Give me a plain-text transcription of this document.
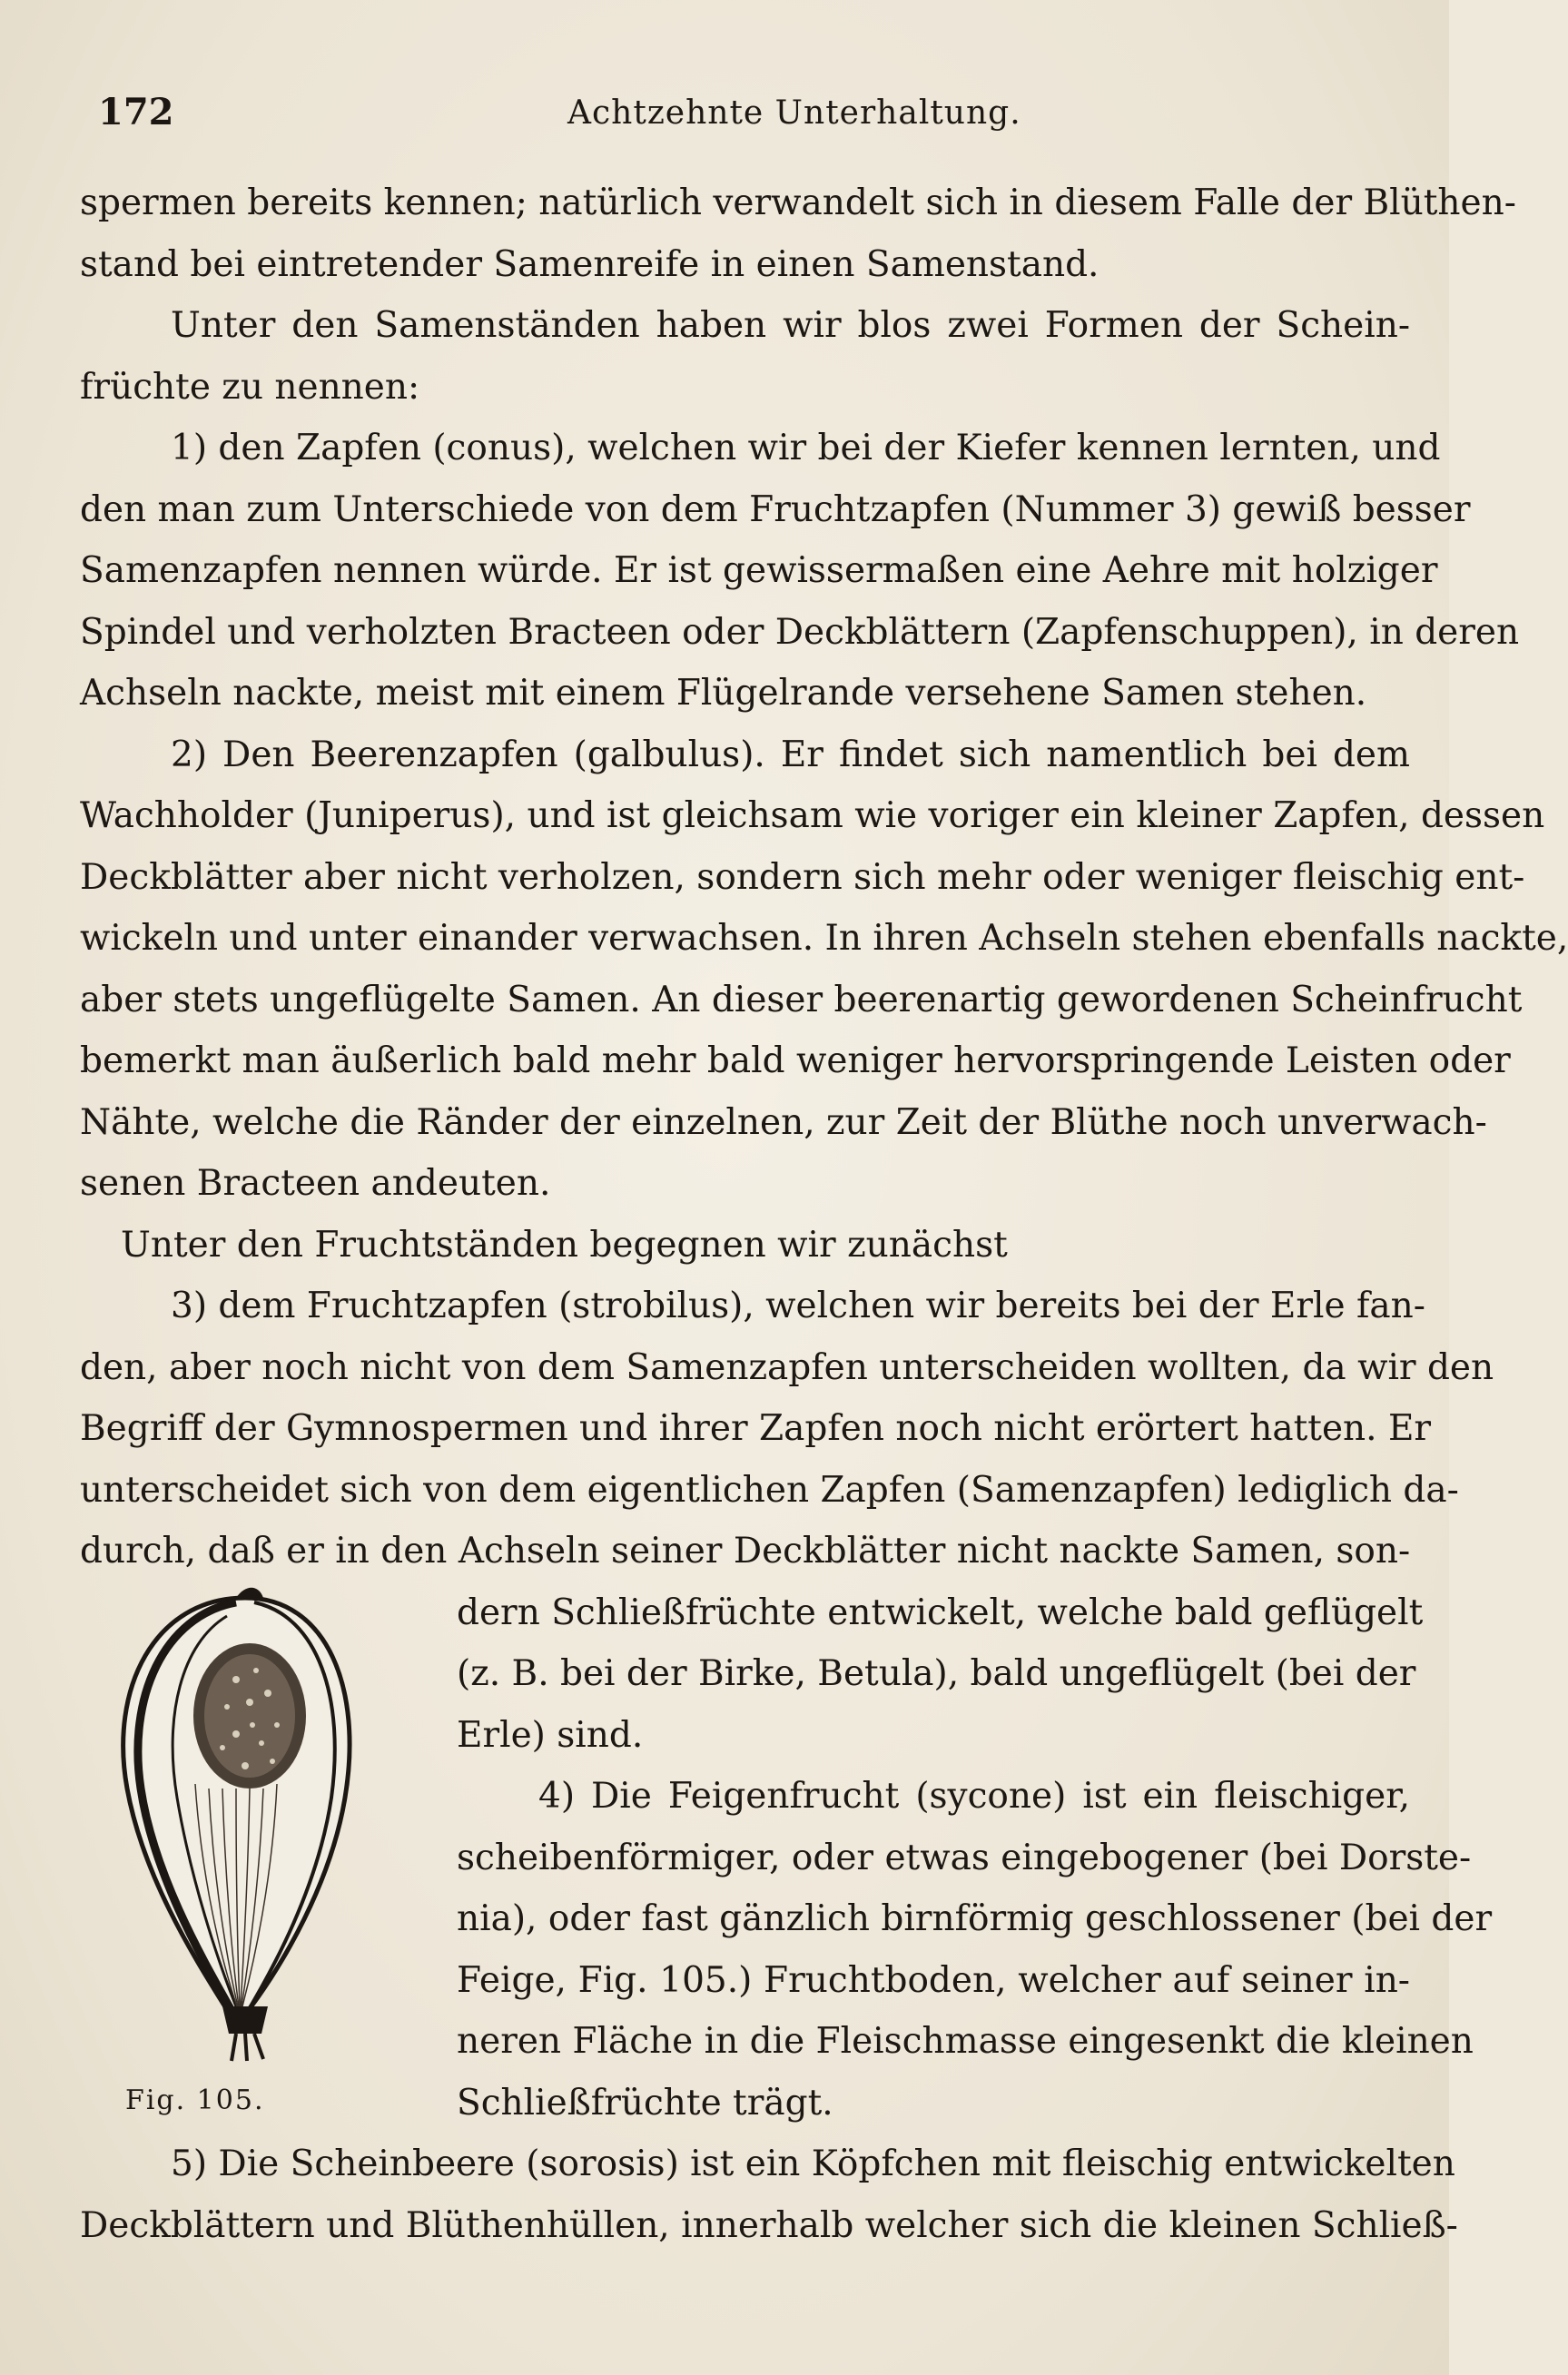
172	Achtzehnte Unterhaltung.
spermen bereits kennen; natürlich verwandelt sich in diesem Falle der Blüthen-
stand bei eintretender Samenreife in einen Samenstand.
Unter den Samenständen haben wir blos zwei Formen der Schein-
früchte zu nennen:
1) den Zapfen (conus), welchen wir bei der Kiefer kennen lernten, und
den man zum Unterschiede von dem Fruchtzapfen (Nummer 3) gewiß besser
Samenzapfen nennen würde. Er ist gewissermaßen eine Aehre mit holziger
Spindel und verholzten Bracteen oder Deckblättern (Zapfenschuppen), in deren
Achseln nackte, meist mit einem Flügelrande versehene Samen stehen.
2) Den Beerenzapfen (galbulus). Er findet sich namentlich bei dem
Wachholder (Juniperus), und ist gleichsam wie voriger ein kleiner Zapfen, dessen
Deckblätter aber nicht verholzen, sondern sich mehr oder weniger fleischig ent-
wickeln und unter einander verwachsen. In ihren Achseln stehen ebenfalls nackte,
aber stets ungeflügelte Samen. An dieser beerenartig gewordenen Scheinfrucht
bemerkt man äußerlich bald mehr bald weniger hervorspringende Leisten oder
Nähte, welche die Ränder der einzelnen, zur Zeit der Blüthe noch unverwach-
senen Bracteen andeuten.
Unter den Fruchtständen begegnen wir zunächst
3) dem Fruchtzapfen (strobilus), welchen wir bereits bei der Erle fan-
den, aber noch nicht von dem Samenzapfen unterscheiden wollten, da wir den
Begriff der Gymnospermen und ihrer Zapfen noch nicht erörtert hatten. Er
unterscheidet sich von dem eigentlichen Zapfen (Samenzapfen) lediglich da-
durch, daß er in den Achseln seiner Deckblätter nicht nackte Samen, son-
dern Schließfrüchte entwickelt, welche bald geflügelt
(z. B. bei der Birke, Betula), bald ungeflügelt (bei der
Erle) sind.
4) Die Feigenfrucht (sycone) ist ein fleischiger,
scheibenförmiger, oder etwas eingebogener (bei Dorste-
nia), oder fast gänzlich birnförmig geschlossener (bei der
Feige, Fig. 105.) Fruchtboden, welcher auf seiner in-
neren Fläche in die Fleischmasse eingesenkt die kleinen
Schließfrüchte trägt.
5) Die Scheinbeere (sorosis) ist ein Köpfchen mit fleischig entwickelten
Deckblättern und Blüthenhüllen, innerhalb welcher sich die kleinen Schließ-
Fig. 105.
